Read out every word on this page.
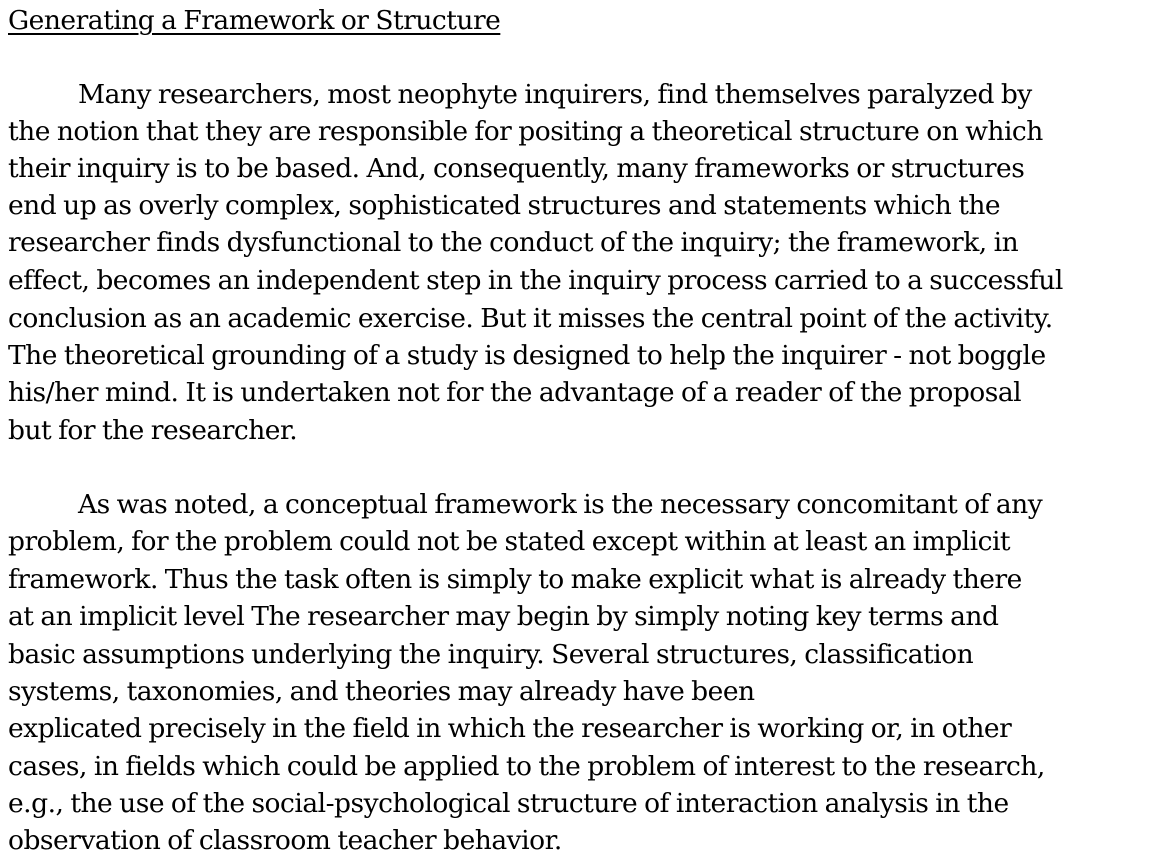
Generating a Framework or Structure
Many researchers, most neophyte inquirers, find themselves paralyzed by
the notion that they are responsible for positing a theoretical structure on which
their inquiry is to be based. And, consequently, many frameworks or structures
end up as overly complex, sophisticated structures and statements which the
researcher finds dysfunctional to the conduct of the inquiry; the framework, in
effect, becomes an independent step in the inquiry process carried to a successful
conclusion as an academic exercise. But it misses the central point of the activity.
The theoretical grounding of a study is designed to help the inquirer - not boggle
his/her mind. It is undertaken not for the advantage of a reader of the proposal
but for the researcher.
As was noted, a conceptual framework is the necessary concomitant of any
problem, for the problem could not be stated except within at least an implicit
framework. Thus the task often is simply to make explicit what is already there
at an implicit level The researcher may begin by simply noting key terms and
basic assumptions underlying the inquiry. Several structures, classification
systems, taxonomies, and theories may already have been
explicated precisely in the field in which the researcher is working or, in other
cases, in fields which could be applied to the problem of interest to the research,
e.g., the use of the social-psychological structure of interaction analysis in the
observation of classroom teacher behavior.
